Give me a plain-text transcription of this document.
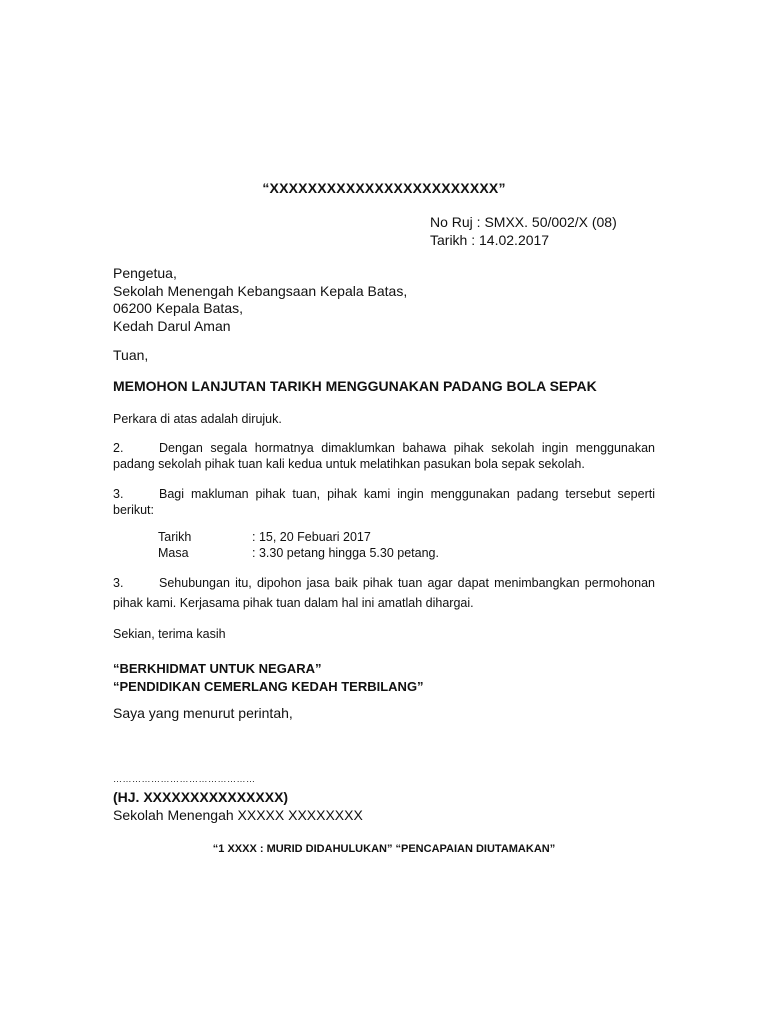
“XXXXXXXXXXXXXXXXXXXXXXXX”
No Ruj : SMXX. 50/002/X (08)
Tarikh : 14.02.2017
Pengetua,
Sekolah Menengah Kebangsaan Kepala Batas,
06200 Kepala Batas,
Kedah Darul Aman
Tuan,
MEMOHON LANJUTAN TARIKH MENGGUNAKAN PADANG BOLA SEPAK
Perkara di atas adalah dirujuk.
2.	Dengan segala hormatnya dimaklumkan bahawa pihak sekolah ingin menggunakan padang sekolah pihak tuan kali kedua untuk melatihkan pasukan bola sepak sekolah.
3.	Bagi makluman pihak tuan, pihak kami ingin menggunakan padang tersebut seperti berikut:
Tarikh	: 15, 20 Febuari 2017
Masa	: 3.30 petang hingga 5.30 petang.
3.	Sehubungan itu, dipohon jasa baik pihak tuan agar dapat menimbangkan permohonan pihak kami. Kerjasama pihak tuan dalam hal ini amatlah dihargai.
Sekian, terima kasih
“BERKHIDMAT UNTUK NEGARA”
“PENDIDIKAN CEMERLANG KEDAH TERBILANG”
Saya yang menurut perintah,
………………………………………
(HJ. XXXXXXXXXXXXXXX)
Sekolah Menengah XXXXX XXXXXXXX
“1 XXXX : MURID DIDAHULUKAN” “PENCAPAIAN DIUTAMAKAN”
